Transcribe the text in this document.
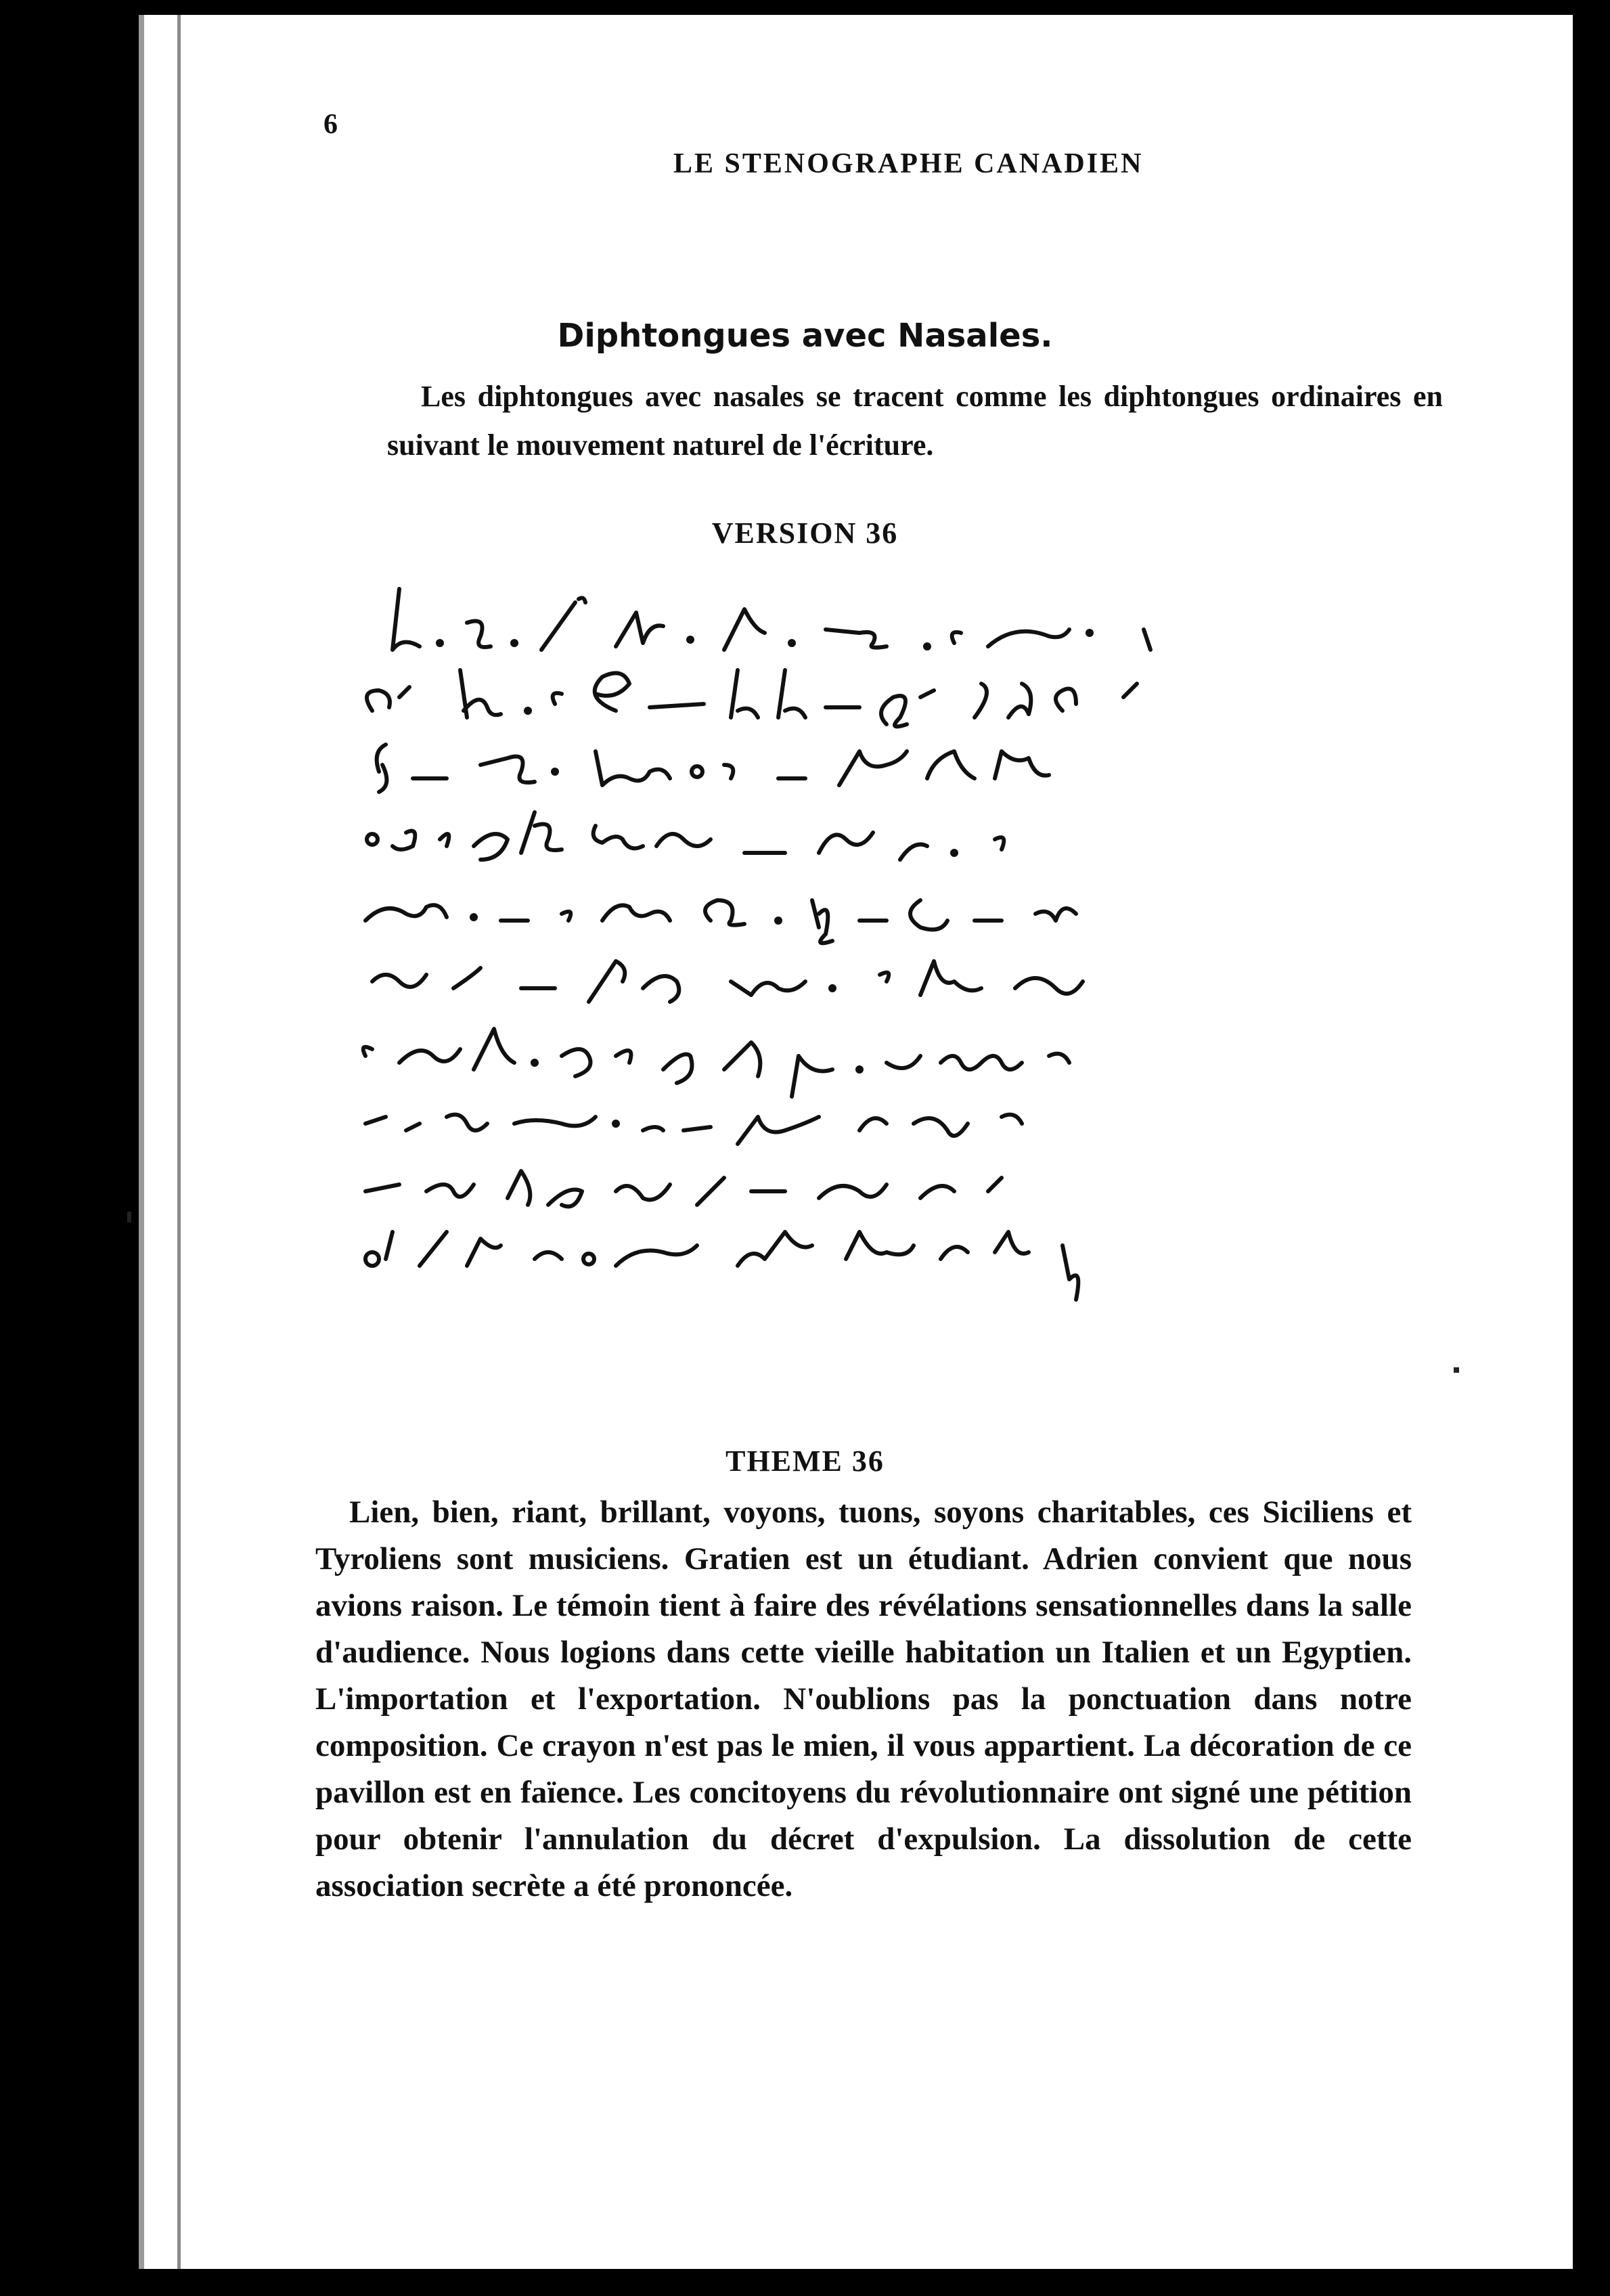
6
LE STENOGRAPHE CANADIEN
Diphtongues avec Nasales.
Les diphtongues avec nasales se tracent comme les diphtongues ordinaires en suivant le mouvement naturel de l'écriture.
VERSION 36
THEME 36
Lien, bien, riant, brillant, voyons, tuons, soyons charitables, ces Siciliens et Tyroliens sont musiciens. Gratien est un étudiant. Adrien convient que nous avions raison. Le témoin tient à faire des révélations sensationnelles dans la salle d'audience. Nous logions dans cette vieille habitation un Italien et un Egyptien. L'importation et l'exportation. N'oublions pas la ponctuation dans notre composition. Ce crayon n'est pas le mien, il vous appartient. La décoration de ce pavillon est en faïence. Les concitoyens du révolutionnaire ont signé une pétition pour obtenir l'annulation du décret d'expulsion. La dissolution de cette association secrète a été prononcée.
